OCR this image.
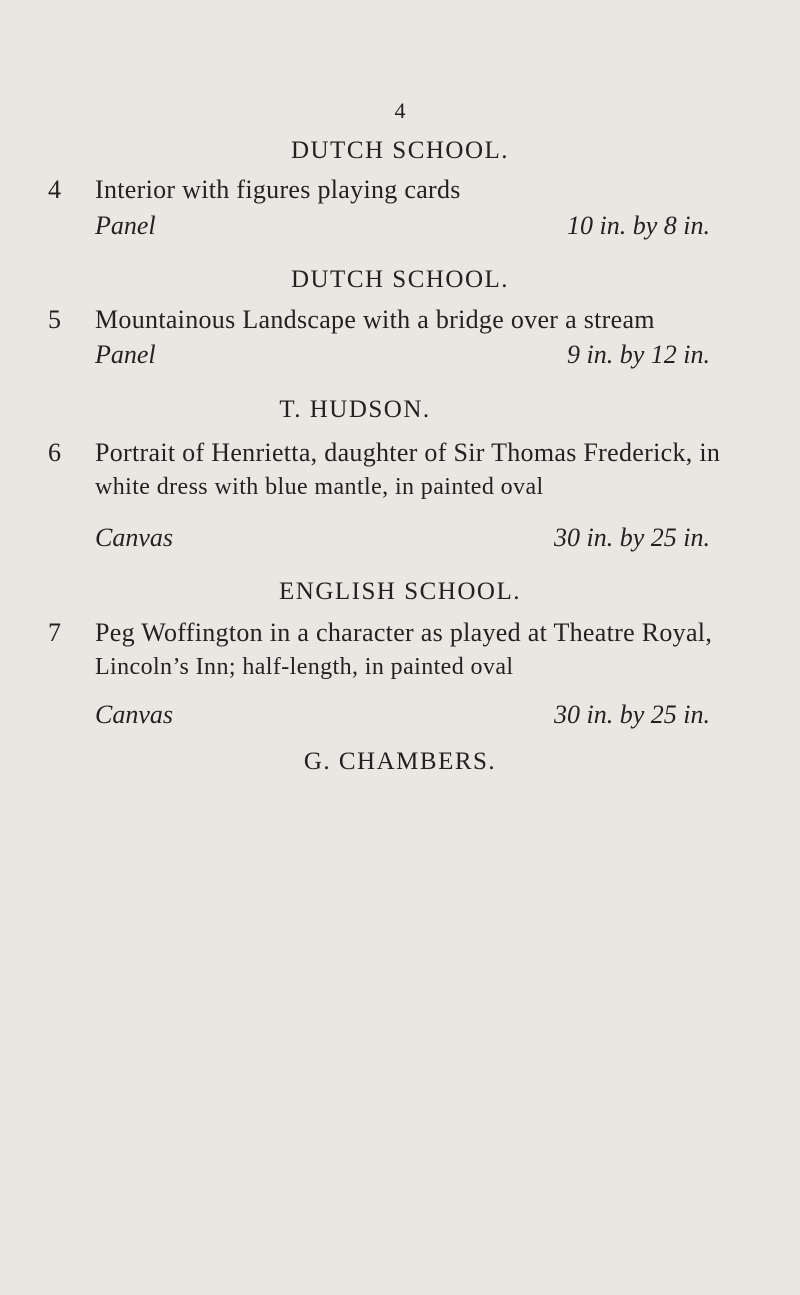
4
DUTCH SCHOOL.
4 Interior with figures playing cards
Panel	10 in. by 8 in.
DUTCH SCHOOL.
5 Mountainous Landscape with a bridge over a stream
Panel	9 in. by 12 in.
T. HUDSON.
6 Portrait of Henrietta, daughter of Sir Thomas Frederick, in
white dress with blue mantle, in painted oval
Canvas	30 in. by 25 in.
ENGLISH SCHOOL.
7 Peg Woffington in a character as played at Theatre Royal,
Lincoln’s Inn; half-length, in painted oval
Canvas	30 in. by 25 in.
G. CHAMBERS.
